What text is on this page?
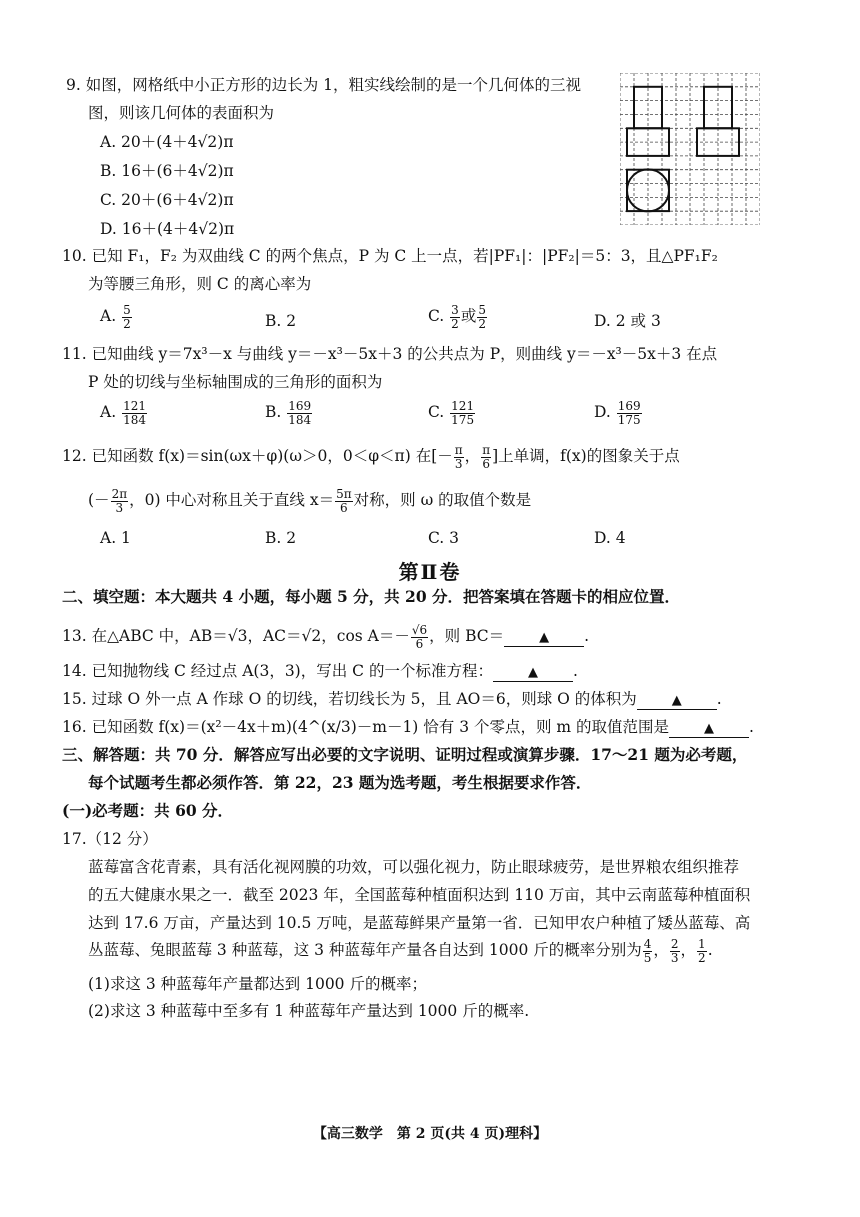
9. 如图，网格纸中小正方形的边长为 1，粗实线绘制的是一个几何体的三视
图，则该几何体的表面积为
A. 20＋(4＋4√2)π
B. 16＋(6＋4√2)π
C. 20＋(6＋4√2)π
D. 16＋(4＋4√2)π
10. 已知 F₁，F₂ 为双曲线 C 的两个焦点，P 为 C 上一点，若|PF₁|：|PF₂|＝5：3，且△PF₁F₂
为等腰三角形，则 C 的离心率为
A. $\frac{5}{2}$	B. 2	C. $\frac{3}{2}$ 或 $\frac{5}{2}$	D. 2 或 3
11. 已知曲线 y＝7x³－x 与曲线 y＝－x³－5x＋3 的公共点为 P，则曲线 y＝－x³－5x＋3 在点
P 处的切线与坐标轴围成的三角形的面积为
A. $\frac{121}{184}$	B. $\frac{169}{184}$	C. $\frac{121}{175}$	D. $\frac{169}{175}$
12. 已知函数 f(x)＝sin(ωx＋φ)(ω＞0，0＜φ＜π) 在[－ $\frac{\pi}{3}$ ， $\frac{\pi}{6}$ ]上单调，f(x)的图象关于点
(－ $\frac{2\pi}{3}$ ，0) 中心对称且关于直线 $x= \frac{5\pi}{6}$ 对称，则 ω 的取值个数是
A. 1	B. 2	C. 3	D. 4
第Ⅱ卷
二、填空题：本大题共 4 小题，每小题 5 分，共 20 分．把答案填在答题卡的相应位置．
13. 在△ABC 中，AB＝√3，AC＝√2，$\cos A=- \frac{√6}{6}$ ，则 BC＝	▲ .
14. 已知抛物线 C 经过点 A(3，3)，写出 C 的一个标准方程：	▲ .
15. 过球 O 外一点 A 作球 O 的切线，若切线长为 5，且 AO＝6，则球 O 的体积为	▲ .
16. 已知函数 f(x)＝(x²－4x＋m)(4^(x/3)－m－1) 恰有 3 个零点，则 m 的取值范围是	▲ .
三、解答题：共 70 分．解答应写出必要的文字说明、证明过程或演算步骤．17～21 题为必考题，
每个试题考生都必须作答．第 22，23 题为选考题，考生根据要求作答．
(一)必考题：共 60 分．
17.（12 分）
蓝莓富含花青素，具有活化视网膜的功效，可以强化视力，防止眼球疲劳，是世界粮农组织推荐
的五大健康水果之一．截至 2023 年，全国蓝莓种植面积达到 110 万亩，其中云南蓝莓种植面积
达到 17.6 万亩，产量达到 10.5 万吨，是蓝莓鲜果产量第一省．已知甲农户种植了矮丛蓝莓、高
丛蓝莓、兔眼蓝莓 3 种蓝莓，这 3 种蓝莓年产量各自达到 1000 斤的概率分别为 $\frac{4}{5}$ ， $\frac{2}{3}$ ， $\frac{1}{2}$ .
(1)求这 3 种蓝莓年产量都达到 1000 斤的概率；
(2)求这 3 种蓝莓中至多有 1 种蓝莓年产量达到 1000 斤的概率.
【高三数学　第 2 页(共 4 页)理科】
